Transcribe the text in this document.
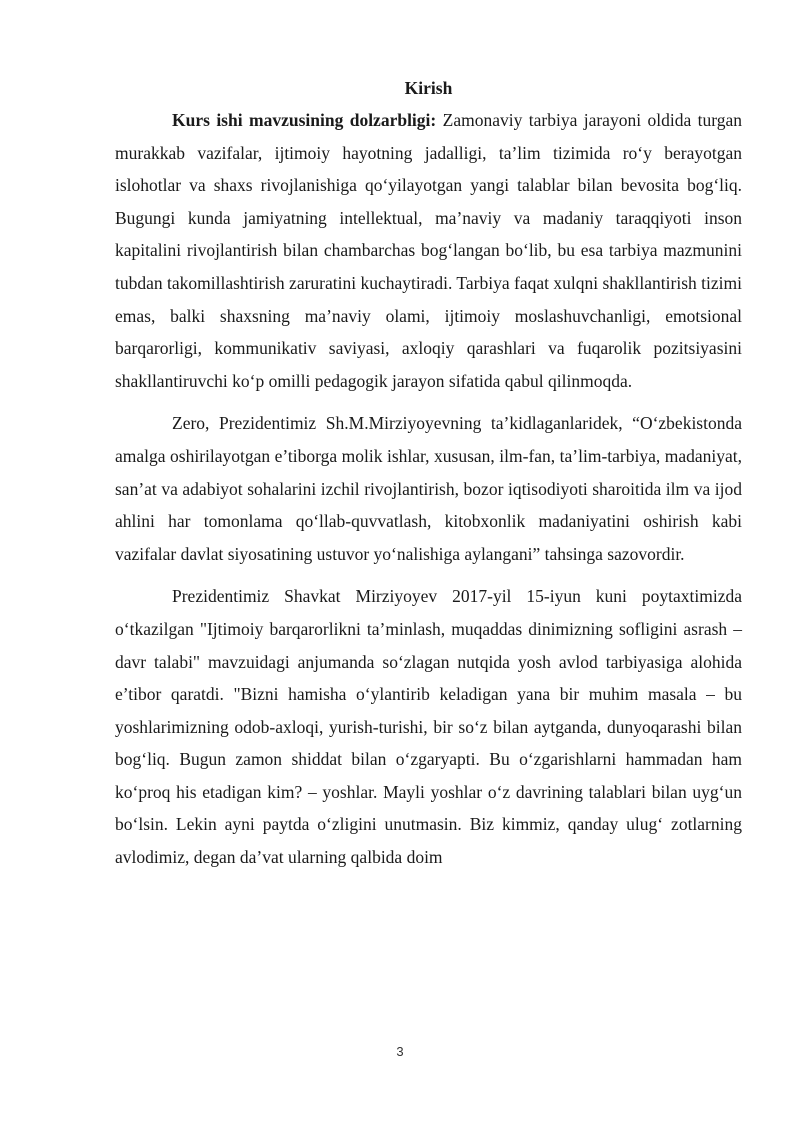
Kirish

Kurs ishi mavzusining dolzarbligi: Zamonaviy tarbiya jarayoni oldida turgan murakkab vazifalar, ijtimoiy hayotning jadalligi, ta’lim tizimida ro‘y berayotgan islohotlar va shaxs rivojlanishiga qo‘yilayotgan yangi talablar bilan bevosita bog‘liq. Bugungi kunda jamiyatning intellektual, ma’naviy va madaniy taraqqiyoti inson kapitalini rivojlantirish bilan chambarchas bog‘langan bo‘lib, bu esa tarbiya mazmunini tubdan takomillashtirish zaruratini kuchaytiradi. Tarbiya faqat xulqni shakllantirish tizimi emas, balki shaxsning ma’naviy olami, ijtimoiy moslashuvchanligi, emotsional barqarorligi, kommunikativ saviyasi, axloqiy qarashlari va fuqarolik pozitsiyasini shakllantiruvchi ko‘p omilli pedagogik jarayon sifatida qabul qilinmoqda.

Zero, Prezidentimiz Sh.M.Mirziyoyevning ta’kidlaganlaridek, “O‘zbekistonda amalga oshirilayotgan e’tiborga molik ishlar, xususan, ilm-fan, ta’lim-tarbiya, madaniyat, san’at va adabiyot sohalarini izchil rivojlantirish, bozor iqtisodiyoti sharoitida ilm va ijod ahlini har tomonlama qo‘llab-quvvatlash, kitobxonlik madaniyatini oshirish kabi vazifalar davlat siyosatining ustuvor yo‘nalishiga aylangani” tahsinga sazovordir.

Prezidentimiz Shavkat Mirziyoyev 2017-yil 15-iyun kuni poytaxtimizda o‘tkazilgan "Ijtimoiy barqarorlikni ta’minlash, muqaddas dinimizning sofligini asrash – davr talabi" mavzuidagi anjumanda so‘zlagan nutqida yosh avlod tarbiyasiga alohida e’tibor qaratdi. "Bizni hamisha o‘ylantirib keladigan yana bir muhim masala – bu yoshlarimizning odob-axloqi, yurish-turishi, bir so‘z bilan aytganda, dunyoqarashi bilan bog‘liq. Bugun zamon shiddat bilan o‘zgaryapti. Bu o‘zgarishlarni hammadan ham ko‘proq his etadigan kim? – yoshlar. Mayli yoshlar o‘z davrining talablari bilan uyg‘un bo‘lsin. Lekin ayni paytda o‘zligini unutmasin. Biz kimmiz, qanday ulug‘ zotlarning avlodimiz, degan da’vat ularning qalbida doim

3
